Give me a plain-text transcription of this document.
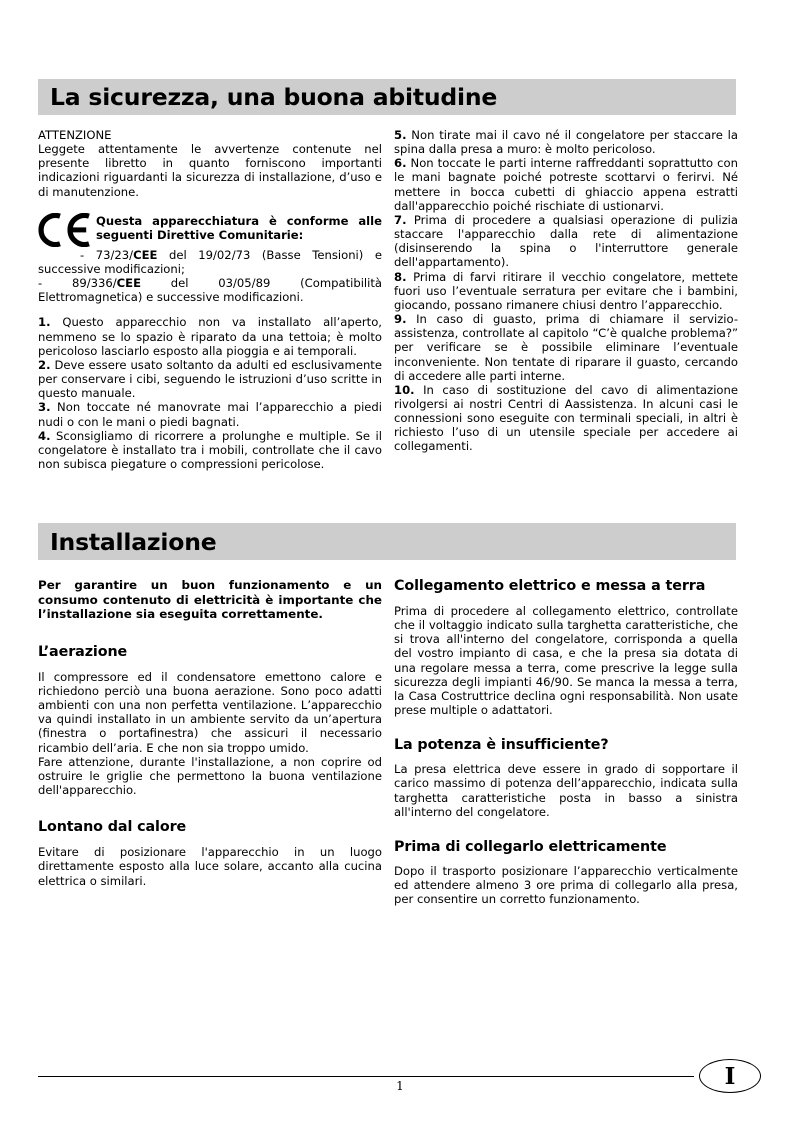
La sicurezza, una buona abitudine

ATTENZIONE

Leggete attentamente le avvertenze contenute nel presente libretto in quanto forniscono importanti indicazioni riguardanti la sicurezza di installazione, d’uso e di manutenzione.

Questa apparecchiatura è conforme alle seguenti Direttive Comunitarie:

- 73/23/CEE del 19/02/73 (Basse Tensioni) e successive modificazioni;

- 89/336/CEE del 03/05/89 (Compatibilità Elettromagnetica) e successive modificazioni.

1. Questo apparecchio non va installato all’aperto, nemmeno se lo spazio è riparato da una tettoia; è molto pericoloso lasciarlo esposto alla pioggia e ai temporali.

2. Deve essere usato soltanto da adulti ed esclusivamente per conservare i cibi, seguendo le istruzioni d’uso scritte in questo manuale.

3. Non toccate né manovrate mai l’apparecchio a piedi nudi o con le mani o piedi bagnati.

4. Sconsigliamo di ricorrere a prolunghe e multiple. Se il congelatore è installato tra i mobili, controllate che il cavo non subisca piegature o compressioni pericolose.

5. Non tirate mai il cavo né il congelatore per staccare la spina dalla presa a muro: è molto pericoloso.

6. Non toccate le parti interne raffreddanti soprattutto con le mani bagnate poiché potreste scottarvi o ferirvi. Né mettere in bocca cubetti di ghiaccio appena estratti dall'apparecchio poiché rischiate di ustionarvi.

7. Prima di procedere a qualsiasi operazione di pulizia staccare l'apparecchio dalla rete di alimentazione (disinserendo la spina o l'interruttore generale dell'appartamento).

8. Prima di farvi ritirare il vecchio congelatore, mettete fuori uso l’eventuale serratura per evitare che i bambini, giocando, possano rimanere chiusi dentro l’apparecchio.

9. In caso di guasto, prima di chiamare il servizio-assistenza, controllate al capitolo “C’è qualche problema?” per verificare se è possibile eliminare l’eventuale inconveniente. Non tentate di riparare il guasto, cercando di accedere alle parti interne.

10. In caso di sostituzione del cavo di alimentazione rivolgersi ai nostri Centri di Aassistenza. In alcuni casi le connessioni sono eseguite con terminali speciali, in altri è richiesto l’uso di un utensile speciale per accedere ai collegamenti.

Installazione

Per garantire un buon funzionamento e un consumo contenuto di elettricità è importante che l’installazione sia eseguita correttamente.

L’aerazione

Il compressore ed il condensatore emettono calore e richiedono perciò una buona aerazione. Sono poco adatti ambienti con una non perfetta ventilazione. L’apparecchio va quindi installato in un ambiente servito da un’apertura (finestra o portafinestra) che assicuri il necessario ricambio dell’aria. E che non sia troppo umido.

Fare attenzione, durante l'installazione, a non coprire od ostruire le griglie che permettono la buona ventilazione dell'apparecchio.

Lontano dal calore

Evitare di posizionare l'apparecchio in un luogo direttamente esposto alla luce solare, accanto alla cucina elettrica o similari.

Collegamento elettrico e messa a terra

Prima di procedere al collegamento elettrico, controllate che il voltaggio indicato sulla targhetta caratteristiche, che si trova all'interno del congelatore, corrisponda a quella del vostro impianto di casa, e che la presa sia dotata di una regolare messa a terra, come prescrive la legge sulla sicurezza degli impianti 46/90. Se manca la messa a terra, la Casa Costruttrice declina ogni responsabilità. Non usate prese multiple o adattatori.

La potenza è insufficiente?

La presa elettrica deve essere in grado di sopportare il carico massimo di potenza dell’apparecchio, indicata sulla targhetta caratteristiche posta in basso a sinistra all'interno del congelatore.

Prima di collegarlo elettricamente

Dopo il trasporto posizionare l’apparecchio verticalmente ed attendere almeno 3 ore prima di collegarlo alla presa, per consentire un corretto funzionamento.

1	I
